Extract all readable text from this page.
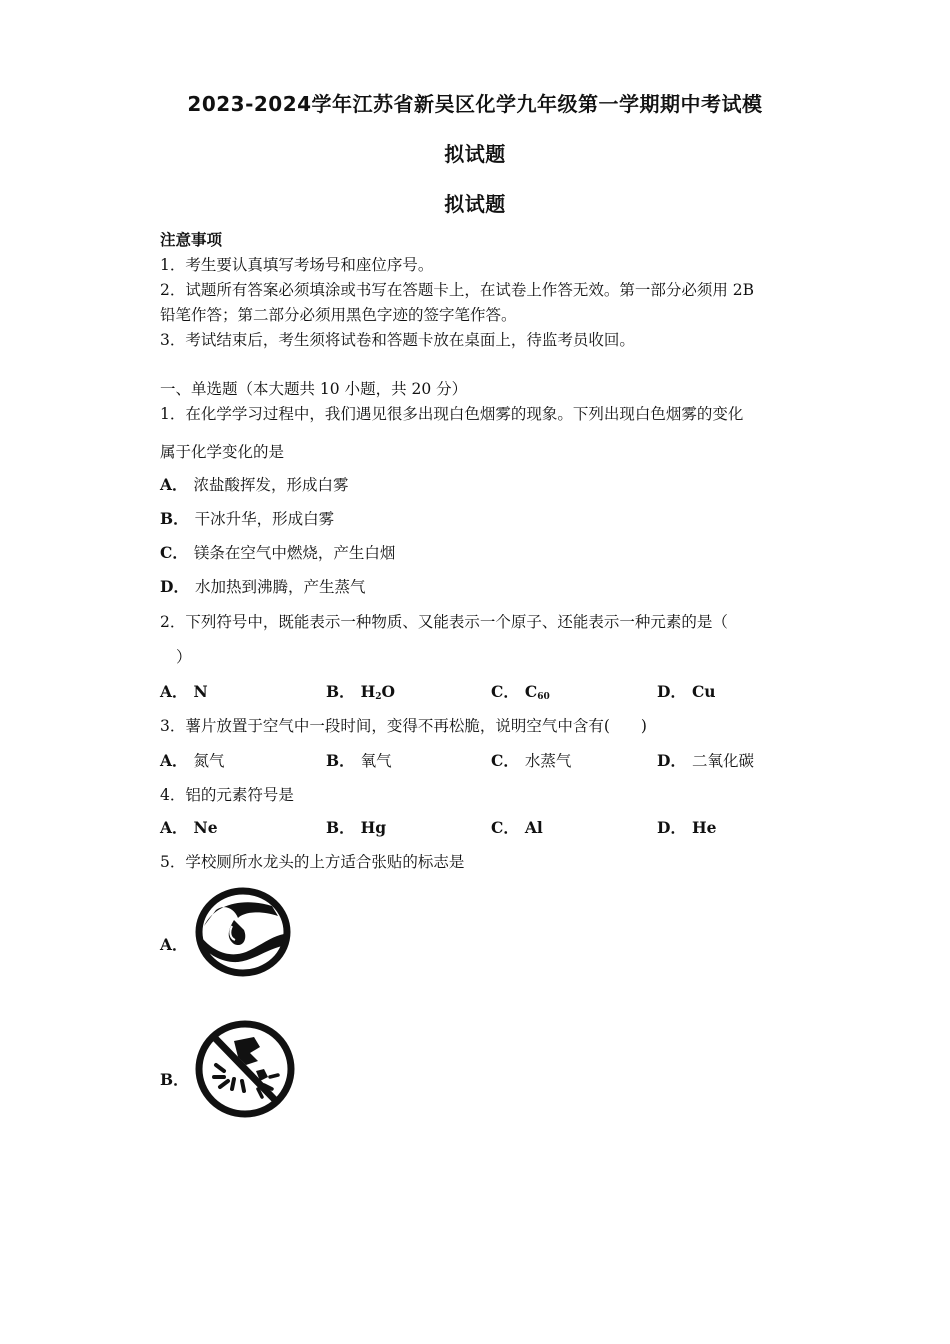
2023-2024学年江苏省新吴区化学九年级第一学期期中考试模
拟试题
拟试题
注意事项
1．考生要认真填写考场号和座位序号。
2．试题所有答案必须填涂或书写在答题卡上，在试卷上作答无效。第一部分必须用 2B
铅笔作答；第二部分必须用黑色字迹的签字笔作答。
3．考试结束后，考生须将试卷和答题卡放在桌面上，待监考员收回。
一、单选题（本大题共 10 小题，共 20 分）
1．在化学学习过程中，我们遇见很多出现白色烟雾的现象。下列出现白色烟雾的变化
属于化学变化的是
A． 浓盐酸挥发，形成白雾
B． 干冰升华，形成白雾
C． 镁条在空气中燃烧，产生白烟
D． 水加热到沸腾，产生蒸气
2．下列符号中，既能表示一种物质、又能表示一个原子、还能表示一种元素的是（
）
A． N	B． $H_2O$	C． $C_{60}$	D． Cu
3．薯片放置于空气中一段时间，变得不再松脆，说明空气中含有(　　)
A． 氮气	B． 氧气	C． 水蒸气	D． 二氧化碳
4．铝的元素符号是
A． Ne	B． Hg	C． Al	D． He
5．学校厕所水龙头的上方适合张贴的标志是
A．
B．
